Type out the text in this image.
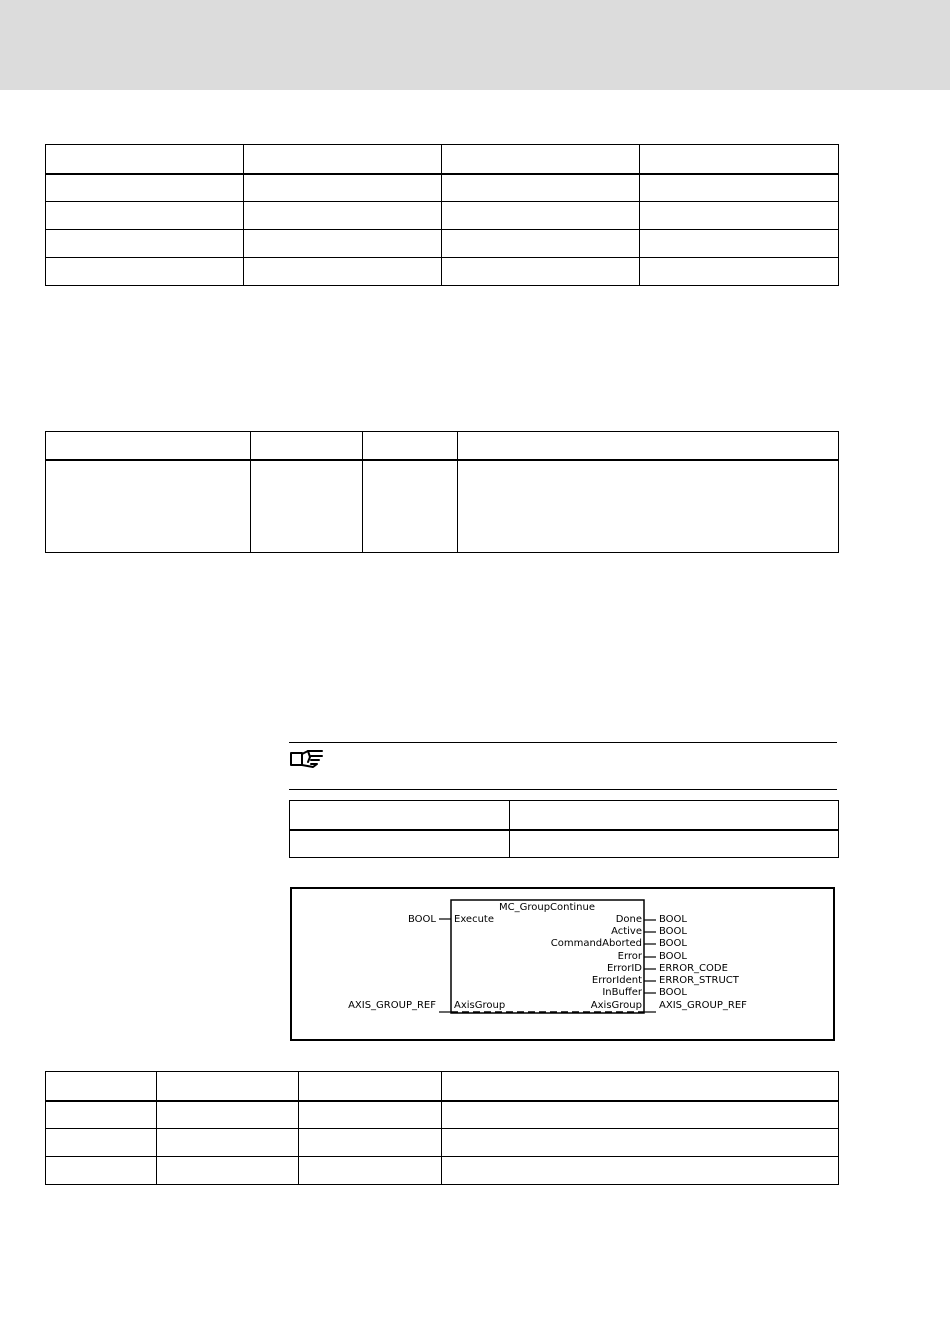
MC_GroupContinue
BOOL Execute
AXIS_GROUP_REF AxisGroup
Done BOOL
Active BOOL
CommandAborted BOOL
Error BOOL
ErrorID ERROR_CODE
ErrorIdent ERROR_STRUCT
InBuffer BOOL
AxisGroup AXIS_GROUP_REF
